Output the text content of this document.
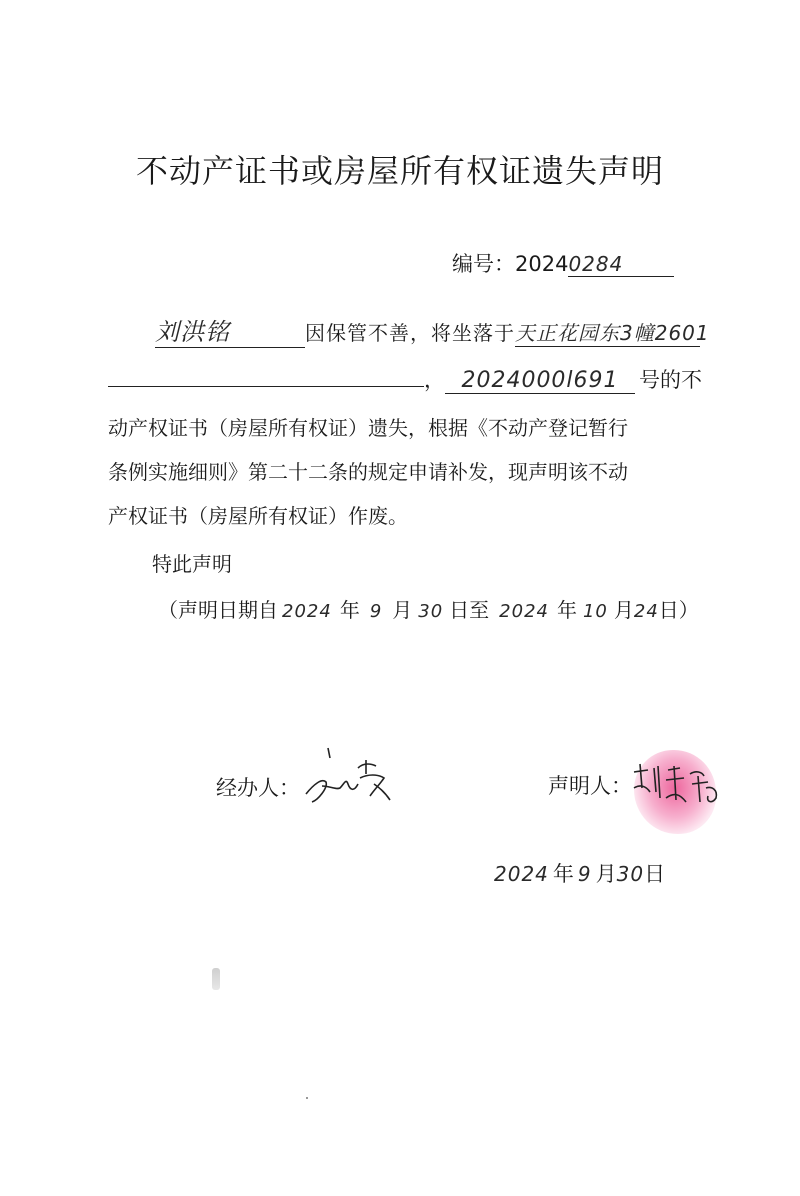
不动产证书或房屋所有权证遗失声明
编号：20240284
刘洪铭	因保管不善，将坐落于天正花园东3幢2601
， 2024000l691 号的不
动产权证书（房屋所有权证）遗失，根据《不动产登记暂行
条例实施细则》第二十二条的规定申请补发，现声明该不动
产权证书（房屋所有权证）作废。
特此声明
（声明日期自 2024 年 9 月 30 日至 2024 年 10 月24日）
经办人：	声明人：
2024 年 9 月30日
